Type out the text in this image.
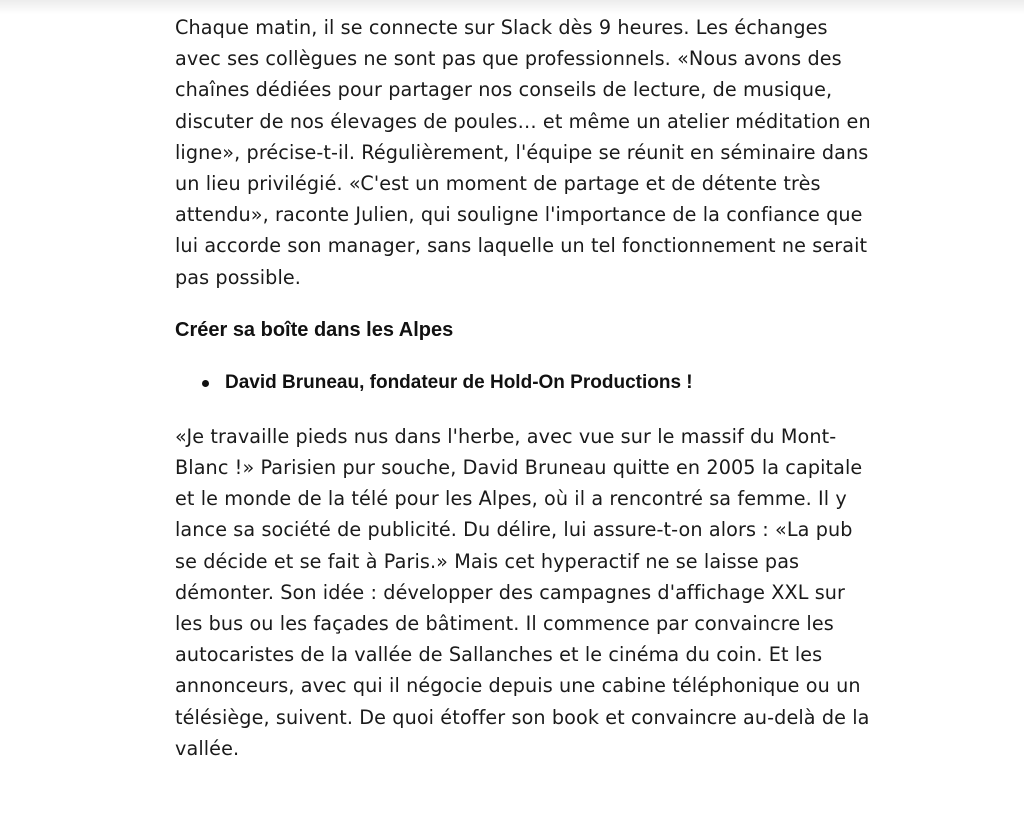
Chaque matin, il se connecte sur Slack dès 9 heures. Les échanges avec ses collègues ne sont pas que professionnels. «Nous avons des chaînes dédiées pour partager nos conseils de lecture, de musique, discuter de nos élevages de poules… et même un atelier méditation en ligne», précise-t-il. Régulièrement, l'équipe se réunit en séminaire dans un lieu privilégié. «C'est un moment de partage et de détente très attendu», raconte Julien, qui souligne l'importance de la confiance que lui accorde son manager, sans laquelle un tel fonctionnement ne serait pas possible.

Créer sa boîte dans les Alpes
David Bruneau, fondateur de Hold-On Productions !

«Je travaille pieds nus dans l'herbe, avec vue sur le massif du Mont-Blanc !» Parisien pur souche, David Bruneau quitte en 2005 la capitale et le monde de la télé pour les Alpes, où il a rencontré sa femme. Il y lance sa société de publicité. Du délire, lui assure-t-on alors : «La pub se décide et se fait à Paris.» Mais cet hyperactif ne se laisse pas démonter. Son idée : développer des campagnes d'affichage XXL sur les bus ou les façades de bâtiment. Il commence par convaincre les autocaristes de la vallée de Sallanches et le cinéma du coin. Et les annonceurs, avec qui il négocie depuis une cabine téléphonique ou un télésiège, suivent. De quoi étoffer son book et convaincre au-delà de la vallée.
